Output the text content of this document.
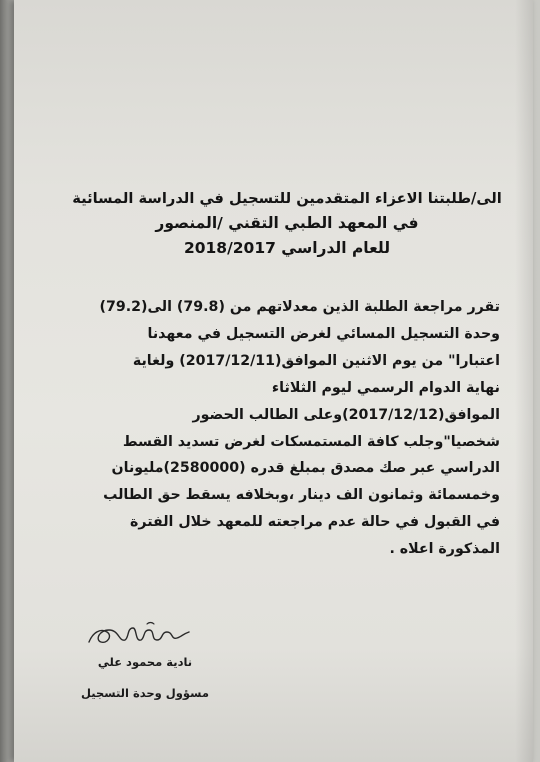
الى/طلبتنا الاعزاء المتقدمين للتسجيل في الدراسة المسائية
في المعهد الطبي التقني /المنصور
للعام الدراسي 2018/2017
تقرر مراجعة الطلبة الذين معدلاتهم من (79.8) الى(79.2)
وحدة التسجيل المسائي لغرض التسجيل في معهدنا
اعتبارا" من يوم الاثنين الموافق(2017/12/11) ولغاية
نهاية الدوام الرسمي ليوم الثلاثاء
الموافق(2017/12/12)وعلى الطالب الحضور
شخصيا"وجلب كافة المستمسكات لغرض تسديد القسط
الدراسي عبر صك مصدق بمبلغ قدره (2580000)مليونان
وخمسمائة وثمانون الف دينار ،وبخلافه يسقط حق الطالب
في القبول في حالة عدم مراجعته للمعهد خلال الفترة
المذكورة اعلاه .
نادية محمود علي
مسؤول وحدة التسجيل
